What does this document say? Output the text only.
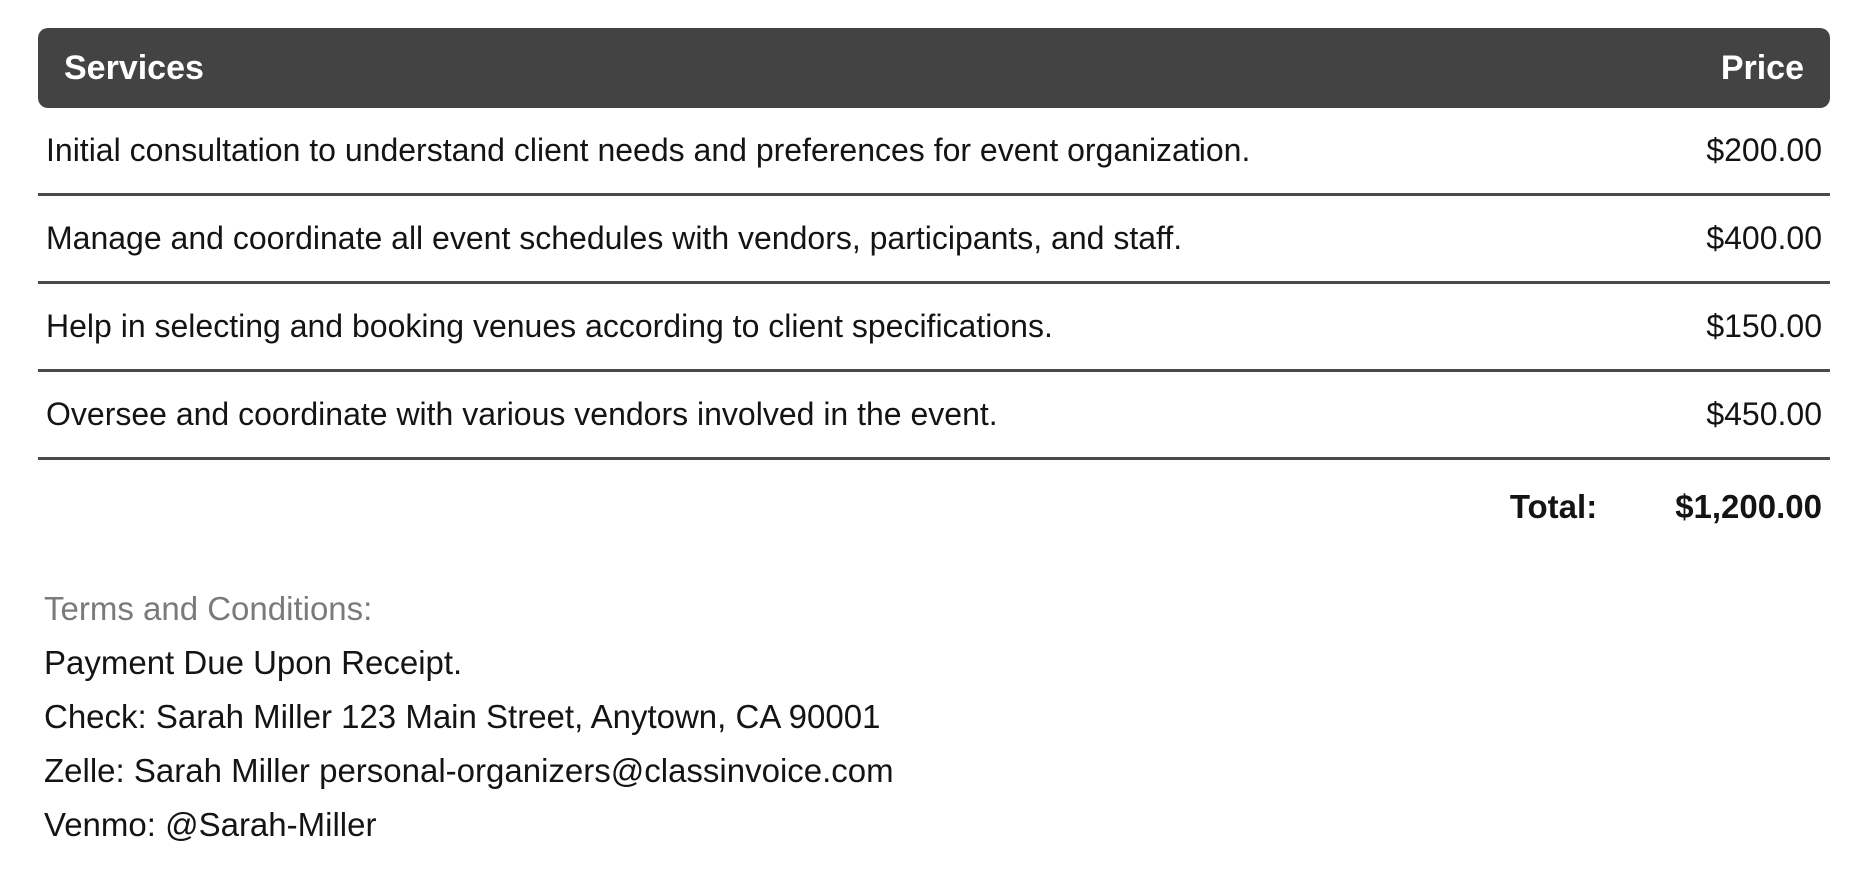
Services	Price
Initial consultation to understand client needs and preferences for event organization.	$200.00
Manage and coordinate all event schedules with vendors, participants, and staff.	$400.00
Help in selecting and booking venues according to client specifications.	$150.00
Oversee and coordinate with various vendors involved in the event.	$450.00
Total: $1,200.00
Terms and Conditions:
Payment Due Upon Receipt.
Check: Sarah Miller 123 Main Street, Anytown, CA 90001
Zelle: Sarah Miller personal-organizers@classinvoice.com
Venmo: @Sarah-Miller
